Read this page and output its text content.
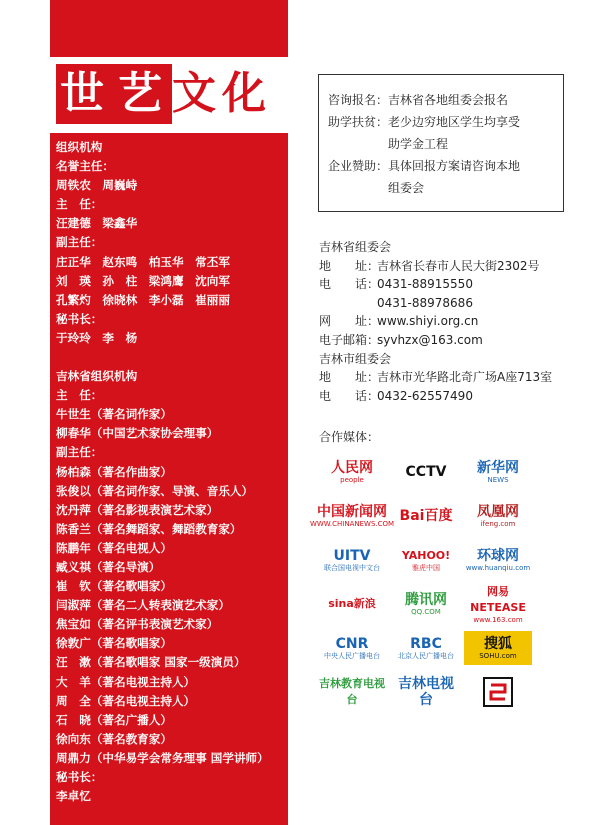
世 艺文化
组织机构
名誉主任：
周铁农　周巍峙
主　任：
汪建德　梁鑫华
副主任：
庄正华　赵东鸣　柏玉华　常丕军
刘　瑛　孙　柱　梁鸿鹰　沈向军
孔繁灼　徐晓林　李小磊　崔丽丽
秘书长：
于玲玲　李　杨
吉林省组织机构
主　任：
牛世生（著名词作家）
柳春华（中国艺术家协会理事）
副主任：
杨柏森（著名作曲家）
张俊以（著名词作家、导演、音乐人）
沈丹萍（著名影视表演艺术家）
陈香兰（著名舞蹈家、舞蹈教育家）
陈鹏年（著名电视人）
臧义祺（著名导演）
崔　钦（著名歌唱家）
闫淑萍（著名二人转表演艺术家）
焦宝如（著名评书表演艺术家）
徐敦广（著名歌唱家）
汪　漱（著名歌唱家 国家一级演员）
大　羊（著名电视主持人）
周　全（著名电视主持人）
石　晓（著名广播人）
徐向东（著名教育家）
周鼎力（中华易学会常务理事 国学讲师）
秘书长：
李卓忆
咨询报名：吉林省各地组委会报名
助学扶贫：老少边穷地区学生均享受
　　　　　助学金工程
企业赞助：具体回报方案请咨询本地
　　　　　组委会
吉林省组委会
地　　址：吉林省长春市人民大街2302号
电　　话：0431-88915550
0431-88978686
网　　址：www.shiyi.org.cn
电子邮箱：syvhzx@163.com
吉林市组委会
地　　址：吉林市光华路北奇广场A座713室
电　　话：0432-62557490
合作媒体：
人民网
people	CCTV 新华网
NEWS
中国新闻网
WWW.CHINANEWS.COM Bai百度 凤凰网
ifeng.com
UITV
联合国电视中文台
YAHOO!
雅虎中国
环球网
www.huanqiu.com
sina新浪 腾讯网
QQ.COM
网易 NETEASE
www.163.com
CNR
中央人民广播电台
RBC
北京人民广播电台
搜狐
SOHU.com
吉林教育电视台
吉林电视台
